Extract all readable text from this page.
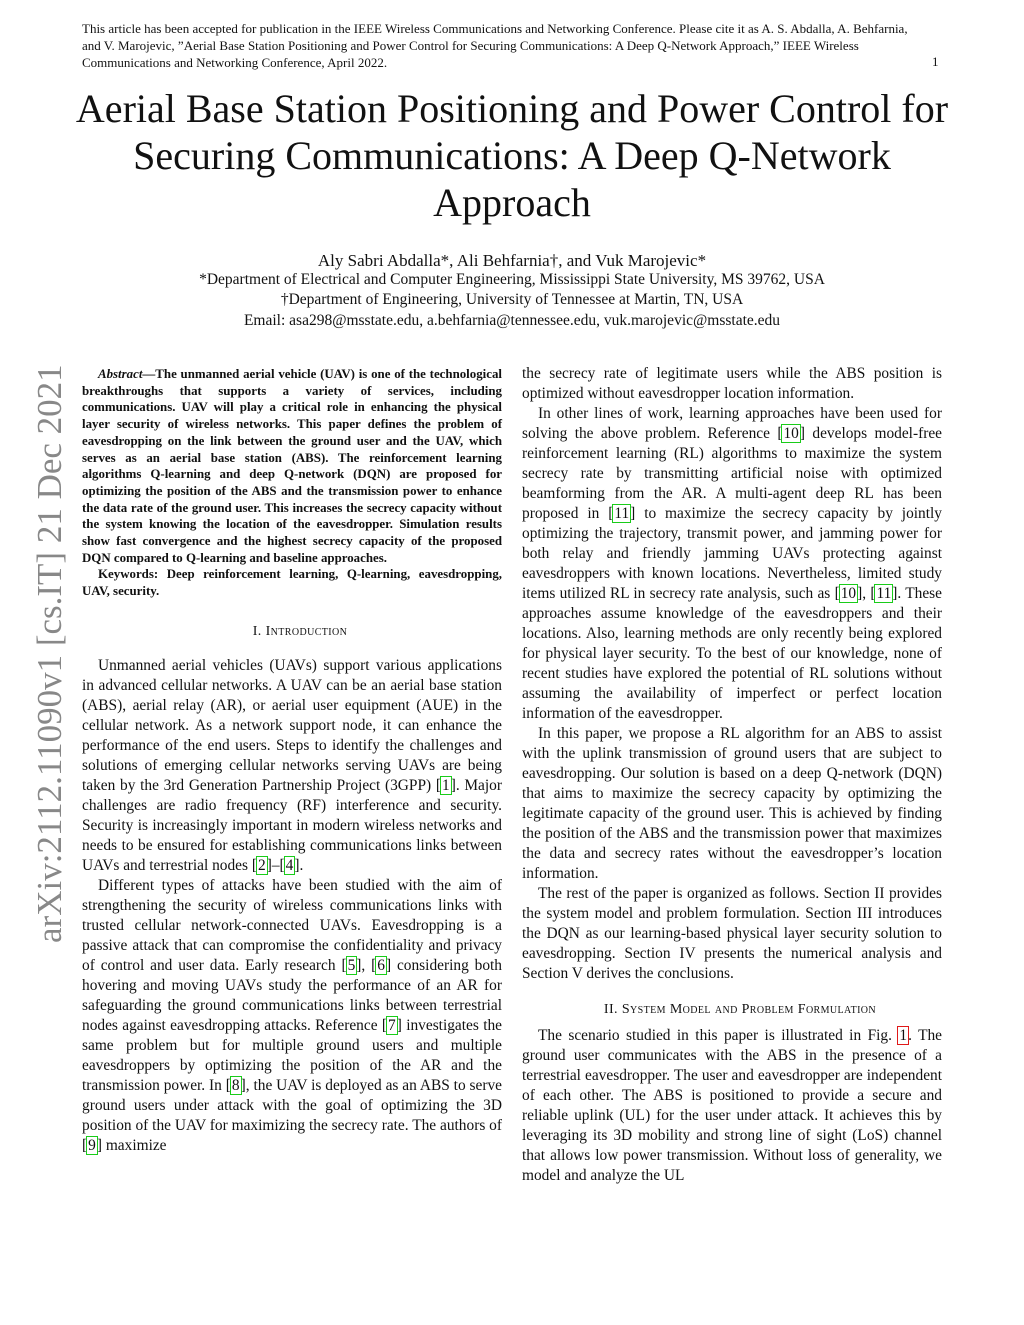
This article has been accepted for publication in the IEEE Wireless Communications and Networking Conference. Please cite it as A. S. Abdalla, A. Behfarnia, and V. Marojevic, ”Aerial Base Station Positioning and Power Control for Securing Communications: A Deep Q-Network Approach,” IEEE Wireless Communications and Networking Conference, April 2022.	1
Aerial Base Station Positioning and Power Control for Securing Communications: A Deep Q-Network Approach
Aly Sabri Abdalla*, Ali Behfarnia†, and Vuk Marojevic*
*Department of Electrical and Computer Engineering, Mississippi State University, MS 39762, USA
†Department of Engineering, University of Tennessee at Martin, TN, USA
Email: asa298@msstate.edu, a.behfarnia@tennessee.edu, vuk.marojevic@msstate.edu
arXiv:2112.11090v1 [cs.IT] 21 Dec 2021	Abstract—The unmanned aerial vehicle (UAV) is one of the technological breakthroughs that supports a variety of services, including communications. UAV will play a critical role in enhancing the physical layer security of wireless networks. This paper defines the problem of eavesdropping on the link between the ground user and the UAV, which serves as an aerial base station (ABS). The reinforcement learning algorithms Q-learning and deep Q-network (DQN) are proposed for optimizing the position of the ABS and the transmission power to enhance the data rate of the ground user. This increases the secrecy capacity without the system knowing the location of the eavesdropper. Simulation results show fast convergence and the highest secrecy capacity of the proposed DQN compared to Q-learning and baseline approaches.

Keywords: Deep reinforcement learning, Q-learning, eavesdropping, UAV, security.

I. Introduction

Unmanned aerial vehicles (UAVs) support various applications in advanced cellular networks. A UAV can be an aerial base station (ABS), aerial relay (AR), or aerial user equipment (AUE) in the cellular network. As a network support node, it can enhance the performance of the end users. Steps to identify the challenges and solutions of emerging cellular networks serving UAVs are being taken by the 3rd Generation Partnership Project (3GPP) [1]. Major challenges are radio frequency (RF) interference and security. Security is increasingly important in modern wireless networks and needs to be ensured for establishing communications links between UAVs and terrestrial nodes [2]–[4].

Different types of attacks have been studied with the aim of strengthening the security of wireless communications links with trusted cellular network-connected UAVs. Eavesdropping is a passive attack that can compromise the confidentiality and privacy of control and user data. Early research [5], [6] considering both hovering and moving UAVs study the performance of an AR for safeguarding the ground communications links between terrestrial nodes against eavesdropping attacks. Reference [7] investigates the same problem but for multiple ground users and multiple eavesdroppers by optimizing the position of the AR and the transmission power. In [8], the UAV is deployed as an ABS to serve ground users under attack with the goal of optimizing the 3D position of the UAV for maximizing the secrecy rate. The authors of [9] maximize

the secrecy rate of legitimate users while the ABS position is optimized without eavesdropper location information.

In other lines of work, learning approaches have been used for solving the above problem. Reference [10] develops model-free reinforcement learning (RL) algorithms to maximize the system secrecy rate by transmitting artificial noise with optimized beamforming from the AR. A multi-agent deep RL has been proposed in [11] to maximize the secrecy capacity by jointly optimizing the trajectory, transmit power, and jamming power for both relay and friendly jamming UAVs protecting against eavesdroppers with known locations. Nevertheless, limited study items utilized RL in secrecy rate analysis, such as [10], [11]. These approaches assume knowledge of the eavesdroppers and their locations. Also, learning methods are only recently being explored for physical layer security. To the best of our knowledge, none of recent studies have explored the potential of RL solutions without assuming the availability of imperfect or perfect location information of the eavesdropper.

In this paper, we propose a RL algorithm for an ABS to assist with the uplink transmission of ground users that are subject to eavesdropping. Our solution is based on a deep Q-network (DQN) that aims to maximize the secrecy capacity by optimizing the legitimate capacity of the ground user. This is achieved by finding the position of the ABS and the transmission power that maximizes the data and secrecy rates without the eavesdropper’s location information.

The rest of the paper is organized as follows. Section II provides the system model and problem formulation. Section III introduces the DQN as our learning-based physical layer security solution to eavesdropping. Section IV presents the numerical analysis and Section V derives the conclusions.

II. System Model and Problem Formulation

The scenario studied in this paper is illustrated in Fig. 1. The ground user communicates with the ABS in the presence of a terrestrial eavesdropper. The user and eavesdropper are independent of each other. The ABS is positioned to provide a secure and reliable uplink (UL) for the user under attack. It achieves this by leveraging its 3D mobility and strong line of sight (LoS) channel that allows low power transmission. Without loss of generality, we model and analyze the UL
